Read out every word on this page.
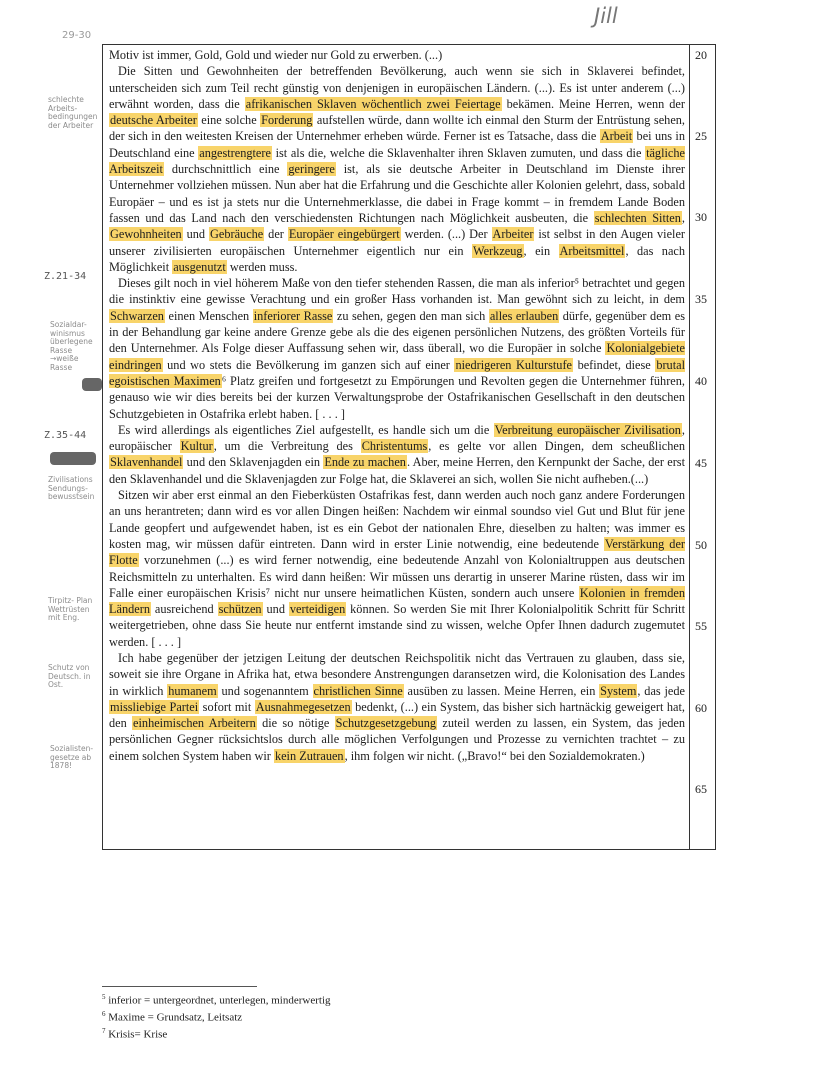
Jill
29-30

Motiv ist immer, Gold, Gold und wieder nur Gold zu erwerben. (...)

Die Sitten und Gewohnheiten der betreffenden Bevölkerung, auch wenn sie sich in Sklaverei befindet, unterscheiden sich zum Teil recht günstig von denjenigen in europäischen Ländern. (...). Es ist unter anderem (...) erwähnt worden, dass die afrikanischen Sklaven wöchentlich zwei Feiertage bekämen. Meine Herren, wenn der deutsche Arbeiter eine solche Forderung aufstellen würde, dann wollte ich einmal den Sturm der Entrüstung sehen, der sich in den weitesten Kreisen der Unternehmer erheben würde. Ferner ist es Tatsache, dass die Arbeit bei uns in Deutschland eine angestrengtere ist als die, welche die Sklavenhalter ihren Sklaven zumuten, und dass die tägliche Arbeitszeit durchschnittlich eine geringere ist, als sie deutsche Arbeiter in Deutschland im Dienste ihrer Unternehmer vollziehen müssen. Nun aber hat die Erfahrung und die Geschichte aller Kolonien gelehrt, dass, sobald Europäer – und es ist ja stets nur die Unternehmerklasse, die dabei in Frage kommt – in fremdem Lande Boden fassen und das Land nach den verschiedensten Richtungen nach Möglichkeit ausbeuten, die schlechten Sitten, Gewohnheiten und Gebräuche der Europäer eingebürgert werden. (...) Der Arbeiter ist selbst in den Augen vieler unserer zivilisierten europäischen Unternehmer eigentlich nur ein Werkzeug, ein Arbeitsmittel, das nach Möglichkeit ausgenutzt werden muss.

Dieses gilt noch in viel höherem Maße von den tiefer stehenden Rassen, die man als inferior⁵ betrachtet und gegen die instinktiv eine gewisse Verachtung und ein großer Hass vorhanden ist. Man gewöhnt sich zu leicht, in dem Schwarzen einen Menschen inferiorer Rasse zu sehen, gegen den man sich alles erlauben dürfe, gegenüber dem es in der Behandlung gar keine andere Grenze gebe als die des eigenen persönlichen Nutzens, des größten Vorteils für den Unternehmer. Als Folge dieser Auffassung sehen wir, dass überall, wo die Europäer in solche Kolonialgebiete eindringen und wo stets die Bevölkerung im ganzen sich auf einer niedrigeren Kulturstufe befindet, diese brutal egoistischen Maximen⁶ Platz greifen und fortgesetzt zu Empörungen und Revolten gegen die Unternehmer führen, genauso wie wir dies bereits bei der kurzen Verwaltungsprobe der Ostafrikanischen Gesellschaft in den deutschen Schutzgebieten in Ostafrika erlebt haben. [ . . . ]

Es wird allerdings als eigentliches Ziel aufgestellt, es handle sich um die Verbreitung europäischer Zivilisation, europäischer Kultur, um die Verbreitung des Christentums, es gelte vor allen Dingen, dem scheußlichen Sklavenhandel und den Sklavenjagden ein Ende zu machen. Aber, meine Herren, den Kernpunkt der Sache, der erst den Sklavenhandel und die Sklavenjagden zur Folge hat, die Sklaverei an sich, wollen Sie nicht aufheben.(...)

Sitzen wir aber erst einmal an den Fieberküsten Ostafrikas fest, dann werden auch noch ganz andere Forderungen an uns herantreten; dann wird es vor allen Dingen heißen: Nachdem wir einmal soundso viel Gut und Blut für jene Lande geopfert und aufgewendet haben, ist es ein Gebot der nationalen Ehre, dieselben zu halten; was immer es kosten mag, wir müssen dafür eintreten. Dann wird in erster Linie notwendig, eine bedeutende Verstärkung der Flotte vorzunehmen (...) es wird ferner notwendig, eine bedeutende Anzahl von Kolonialtruppen aus deutschen Reichsmitteln zu unterhalten. Es wird dann heißen: Wir müssen uns derartig in unserer Marine rüsten, dass wir im Falle einer europäischen Krisis⁷ nicht nur unsere heimatlichen Küsten, sondern auch unsere Kolonien in fremden Ländern ausreichend schützen und verteidigen können. So werden Sie mit Ihrer Kolonialpolitik Schritt für Schritt weitergetrieben, ohne dass Sie heute nur entfernt imstande sind zu wissen, welche Opfer Ihnen dadurch zugemutet werden. [ . . . ]

Ich habe gegenüber der jetzigen Leitung der deutschen Reichspolitik nicht das Vertrauen zu glauben, dass sie, soweit sie ihre Organe in Afrika hat, etwa besondere Anstrengungen daransetzen wird, die Kolonisation des Landes in wirklich humanem und sogenanntem christlichen Sinne ausüben zu lassen. Meine Herren, ein System, das jede missliebige Partei sofort mit Ausnahmegesetzen bedenkt, (...) ein System, das bisher sich hartnäckig geweigert hat, den einheimischen Arbeitern die so nötige Schutzgesetzgebung zuteil werden zu lassen, ein System, das jeden persönlichen Gegner rücksichtslos durch alle möglichen Verfolgungen und Prozesse zu vernichten trachtet – zu einem solchen System haben wir kein Zutrauen, ihm folgen wir nicht. („Bravo!“ bei den Sozialdemokraten.)

20
25
30
35
40
45
50
55
60
65
schlechte Arbeits- bedingungen der Arbeiter
Z.21-34
Sozialdar- winismus überlegene Rasse →weiße Rasse
Z.35-44
Zivilisations Sendungs- bewusstsein
Tirpitz- Plan Wettrüsten mit Eng.
Schutz von Deutsch. in Ost.
Sozialisten- gesetze ab 1878!
$^5$ inferior = untergeordnet, unterlegen, minderwertig
$^6$ Maxime = Grundsatz, Leitsatz
$^7$ Krisis= Krise
